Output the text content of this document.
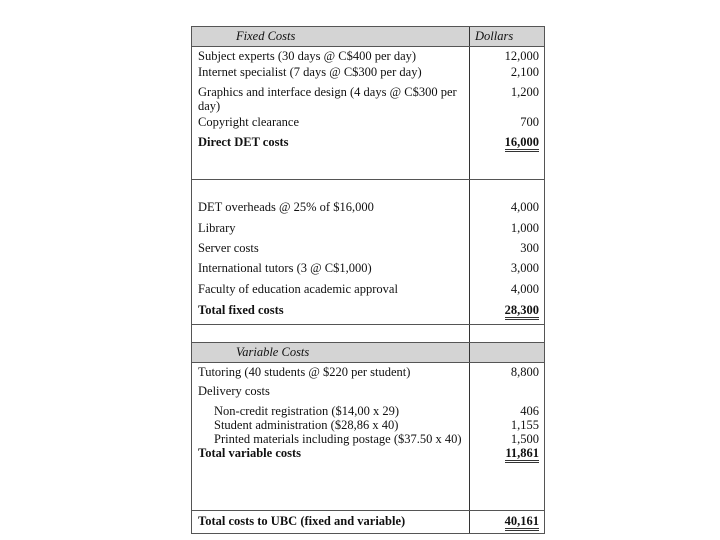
Fixed Costs	Dollars
Subject experts (30 days @ C$400 per day)
Internet specialist (7 days @ C$300 per day)
Graphics and interface design (4 days @ C$300 per day)
Copyright clearance
Direct DET costs
12,000
2,100
1,200
700
16,000
DET overheads @ 25% of $16,000
Library
Server costs
International tutors (3 @ C$1,000)
Faculty of education academic approval
Total fixed costs
4,000
1,000
300
3,000
4,000
28,300
Variable Costs
Tutoring (40 students @ $220 per student)
Delivery costs
Non-credit registration ($14,00 x 29)
Student administration ($28,86 x 40)
Printed materials including postage ($37.50 x 40)
Total variable costs
8,800
406
1,155
1,500
11,861
Total costs to UBC (fixed and variable)	40,161
